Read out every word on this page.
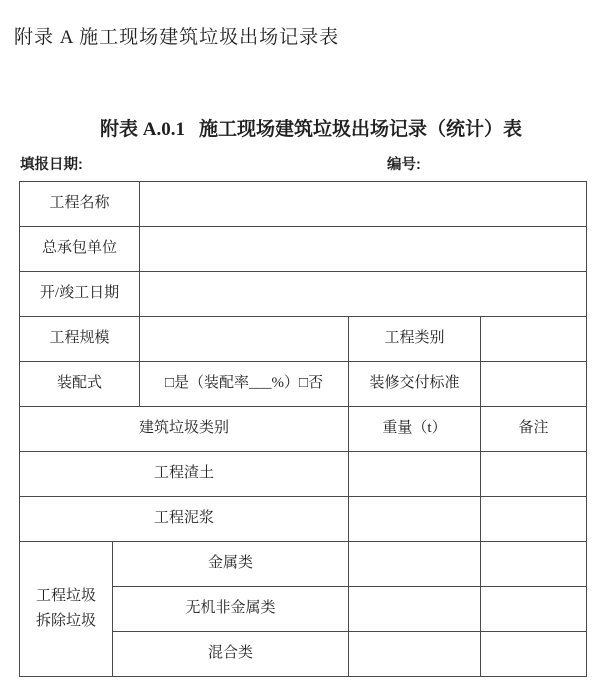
附录 A 施工现场建筑垃圾出场记录表

附表 A.0.1 施工现场建筑垃圾出场记录（统计）表

填报日期:	编号:
工程名称				
总承包单位				
开/竣工日期				
工程规模			工程类别	
装配式		□是（装配率___%）□否	装修交付标准	
建筑垃圾类别			重量（t）	备注
工程渣土				
工程泥浆				

工程垃圾
拆除垃圾	金属类			
	无机非金属类			
	混合类			
